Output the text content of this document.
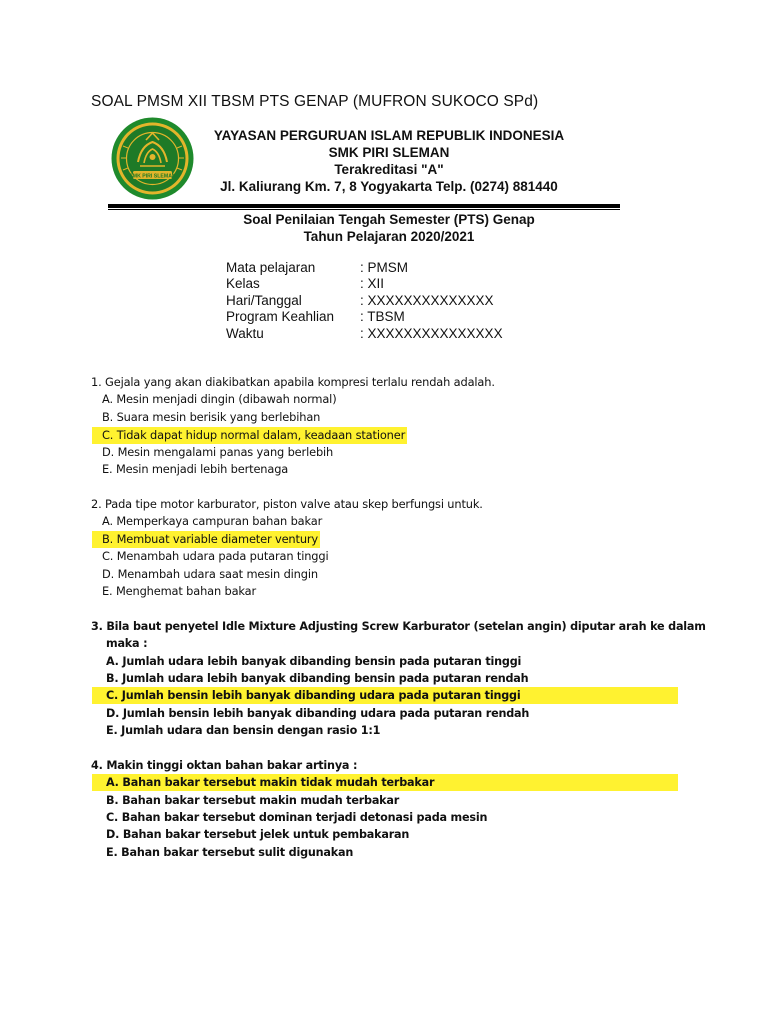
SOAL PMSM XII TBSM PTS GENAP (MUFRON SUKOCO SPd)
SMK PIRI SLEMAN
YAYASAN PERGURUAN ISLAM REPUBLIK INDONESIA
SMK PIRI SLEMAN
Terakreditasi "A"
Jl. Kaliurang Km. 7, 8 Yogyakarta Telp. (0274) 881440
Soal Penilaian Tengah Semester (PTS) Genap
Tahun Pelajaran 2020/2021
Mata pelajaran	: PMSM
Kelas	: XII
Hari/Tanggal	: XXXXXXXXXXXXXX
Program Keahlian : TBSM
Waktu	: XXXXXXXXXXXXXXX
1. Gejala yang akan diakibatkan apabila kompresi terlalu rendah adalah.
A. Mesin menjadi dingin (dibawah normal)
B. Suara mesin berisik yang berlebihan
C. Tidak dapat hidup normal dalam, keadaan stationer
D. Mesin mengalami panas yang berlebih
E. Mesin menjadi lebih bertenaga
2. Pada tipe motor karburator, piston valve atau skep berfungsi untuk.
A. Memperkaya campuran bahan bakar
B. Membuat variable diameter ventury
C. Menambah udara pada putaran tinggi
D. Menambah udara saat mesin dingin
E. Menghemat bahan bakar
3. Bila baut penyetel Idle Mixture Adjusting Screw Karburator (setelan angin) diputar arah ke dalam
maka :
A. Jumlah udara lebih banyak dibanding bensin pada putaran tinggi
B. Jumlah udara lebih banyak dibanding bensin pada putaran rendah
C. Jumlah bensin lebih banyak dibanding udara pada putaran tinggi
D. Jumlah bensin lebih banyak dibanding udara pada putaran rendah
E. Jumlah udara dan bensin dengan rasio 1:1
4. Makin tinggi oktan bahan bakar artinya :
A. Bahan bakar tersebut makin tidak mudah terbakar
B. Bahan bakar tersebut makin mudah terbakar
C. Bahan bakar tersebut dominan terjadi detonasi pada mesin
D. Bahan bakar tersebut jelek untuk pembakaran
E. Bahan bakar tersebut sulit digunakan
